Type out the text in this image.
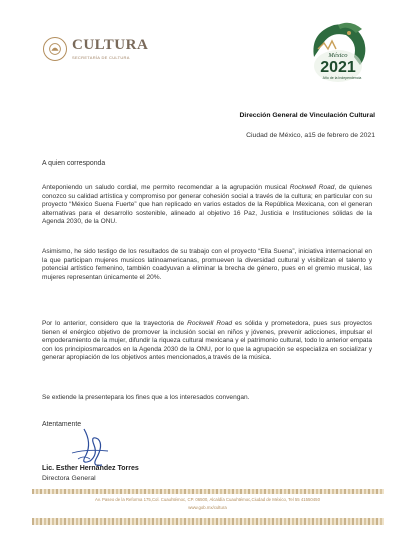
CULTURA
SECRETARÍA DE CULTURA	México
2021
Año de la Independencia
Dirección General de Vinculación Cultural
Ciudad de México, a15 de febrero de 2021
A quien corresponda
Anteponiendo un saludo cordial, me permito recomendar a la agrupación musical Rockwell Road, de quienes conozco su calidad artística y compromiso por generar cohesión social a través de la cultura; en particular con su proyecto “México Suena Fuerte” que han replicado en varios estados de la República Mexicana, con el generan alternativas para el desarrollo sostenible, alineado al objetivo 16 Paz, Justicia e Instituciones sólidas de la Agenda 2030, de la ONU.
Asimismo, he sido testigo de los resultados de su trabajo con el proyecto “Ella Suena”, iniciativa internacional en la que participan mujeres musicos latinoamericanas, promueven la diversidad cultural y visibilizan el talento y potencial artístico femenino, también coadyuvan a eliminar la brecha de género, pues en el gremio musical, las mujeres representan únicamente el 20%.
Por lo anterior, considero que la trayectoria de Rockwell Road es sólida y prometedora, pues sus proyectos tienen el enérgico objetivo de promover la inclusión social en niños y jóvenes, prevenir adicciones, impulsar el empoderamiento de la mujer, difundir la riqueza cultural mexicana y el patrimonio cultural, todo lo anterior empata con los principiosmarcados en la Agenda 2030 de la ONU, por lo que la agrupación se especializa en socializar y generar apropiación de los objetivos antes mencionados,a través de la música.
Se extiende la presentepara los fines que a los interesados convengan.
Atentamente
Lic. Esther Hernández Torres
Directora General
Av. Paseo de la Reforma 175,Col. Cuauhtémoc, CP. 06500, Alcaldía Cuauhtémoc,Ciudad de México, Tel 55 41550450
www.gob.mx/cultura
